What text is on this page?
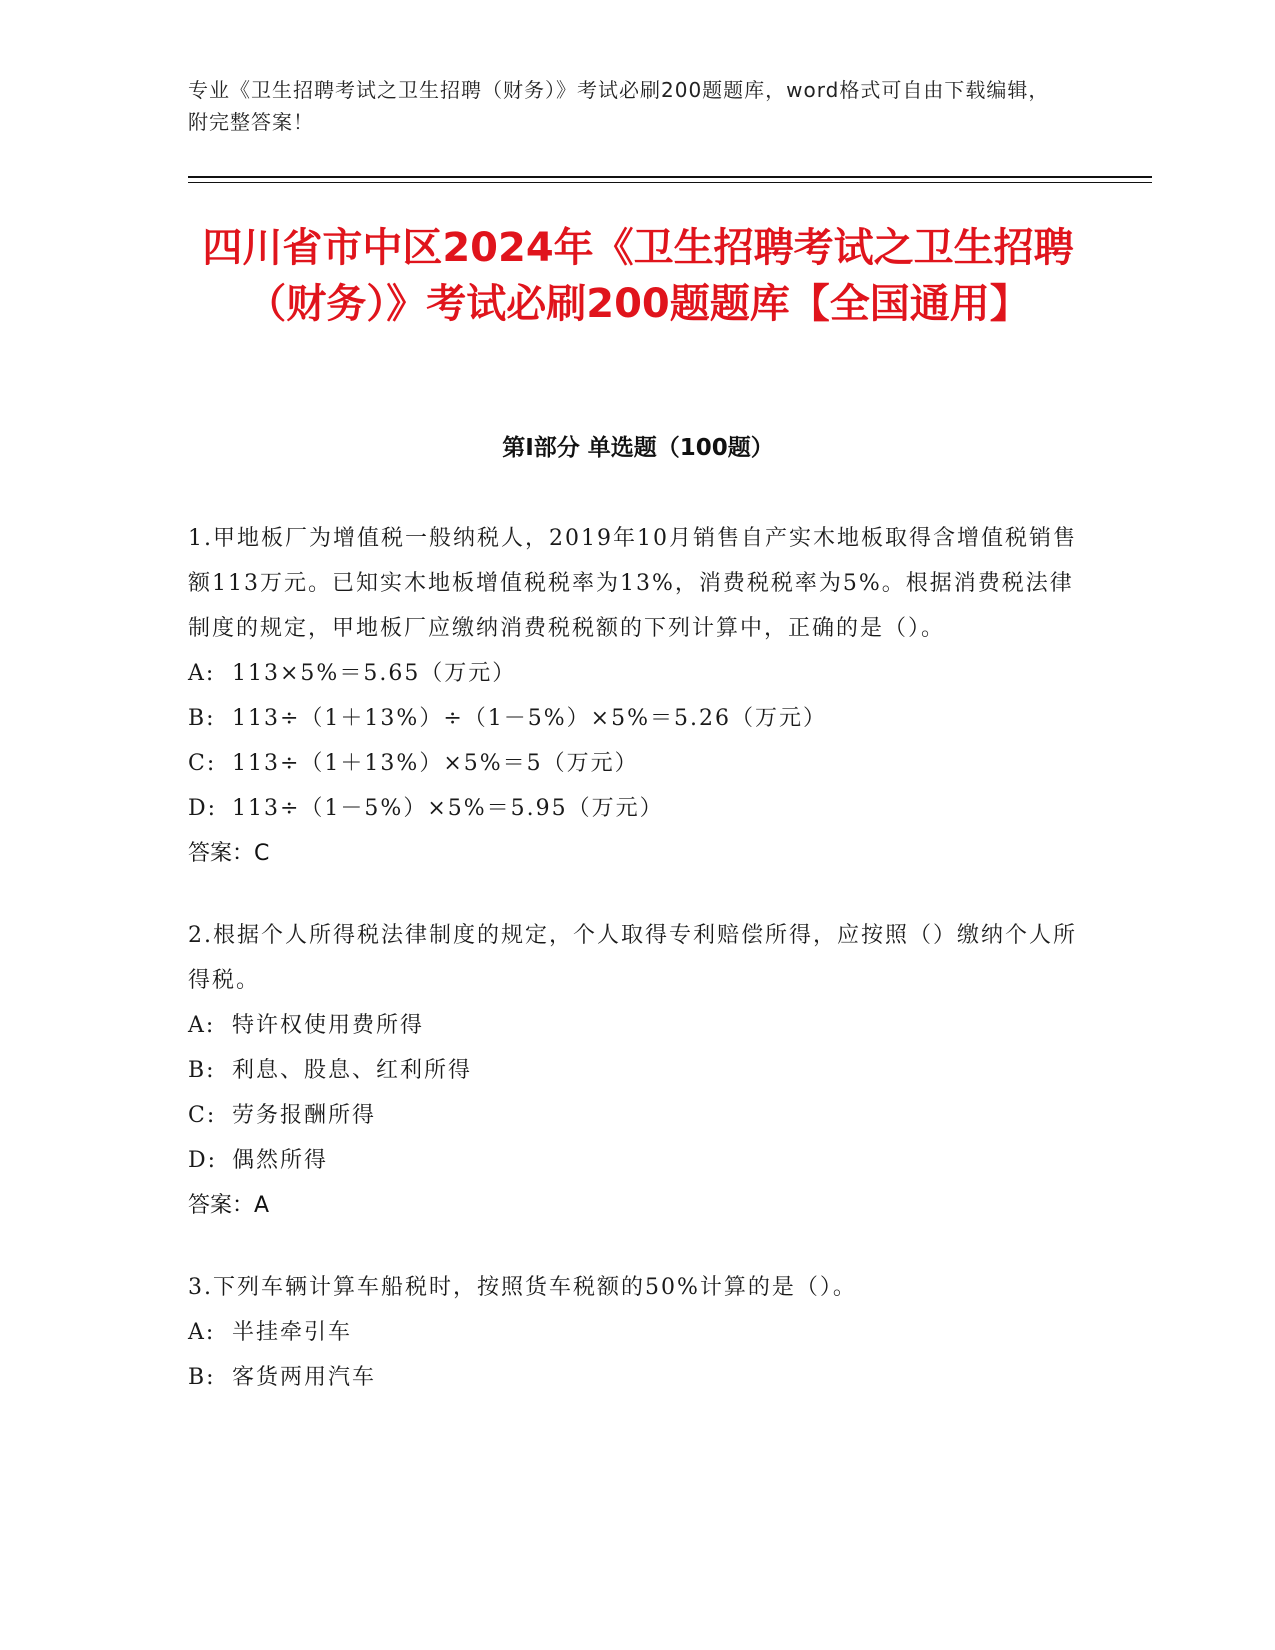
专业《卫生招聘考试之卫生招聘（财务）》考试必刷200题题库，word格式可自由下载编辑，附完整答案！

四川省市中区2024年《卫生招聘考试之卫生招聘（财务）》考试必刷200题题库【全国通用】
第Ⅰ部分 单选题（100题）

1.甲地板厂为增值税一般纳税人，2019年10月销售自产实木地板取得含增值税销售额113万元。已知实木地板增值税税率为13%，消费税税率为5%。根据消费税法律制度的规定，甲地板厂应缴纳消费税税额的下列计算中，正确的是（）。

A: 113×5%＝5.65（万元）

B: 113÷（1＋13%）÷（1－5%）×5%＝5.26（万元）

C: 113÷（1＋13%）×5%＝5（万元）

D: 113÷（1－5%）×5%＝5.95（万元）

答案：C

2.根据个人所得税法律制度的规定，个人取得专利赔偿所得，应按照（）缴纳个人所得税。

A: 特许权使用费所得

B: 利息、股息、红利所得

C: 劳务报酬所得

D: 偶然所得

答案：A

3.下列车辆计算车船税时，按照货车税额的50%计算的是（）。

A: 半挂牵引车

B: 客货两用汽车
